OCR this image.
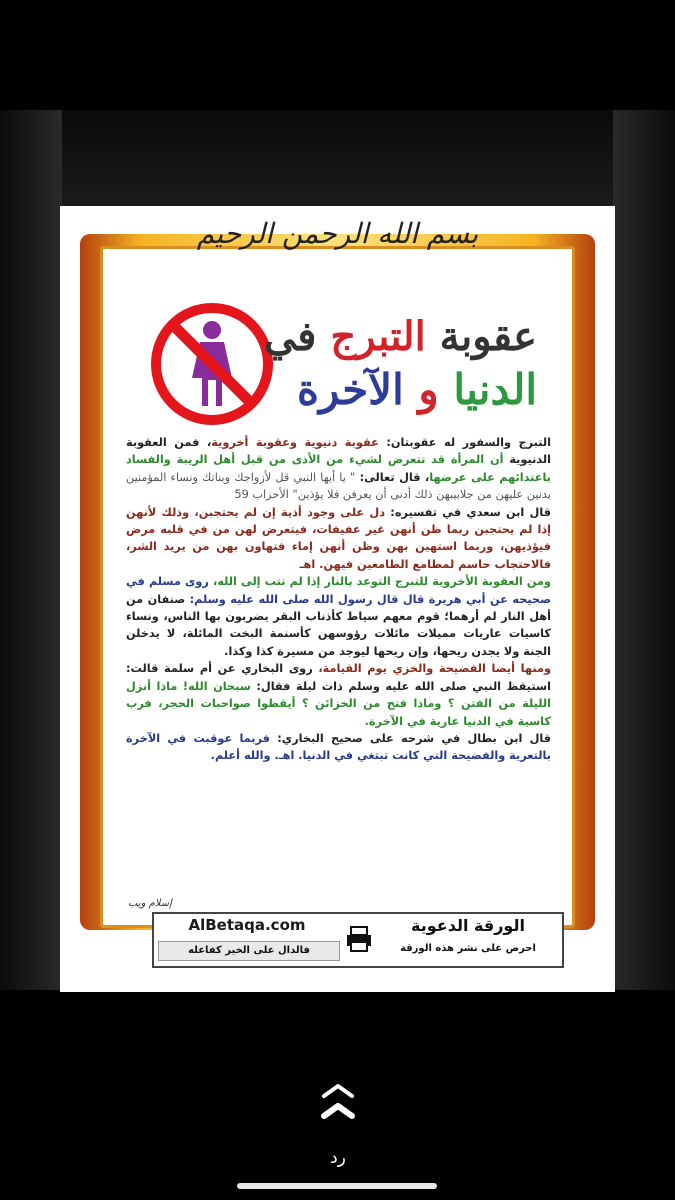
بسم الله الرحمن الرحيم
عقوبة التبرج في
الدنيا و الآخرة

التبرج والسفور له عقوبتان: عقوبة دنيوية وعقوبة أخروية، فمن العقوبة الدنيوية أن المرأة قد تتعرض لشيء من الأذى من قبل أهل الريبة والفساد باعتدائهم على عرضها، قال تعالى: " يا أيها النبي قل لأزواجك وبناتك ونساء المؤمنين يدنين عليهن من جلابيبهن ذلك أدنى أن يعرفن فلا يؤذين" الأحزاب 59

قال ابن سعدي في تفسيره: دل على وجود أذية إن لم يحتجبن، وذلك لأنهن إذا لم يحتجبن ربما ظن أنهن غير عفيفات، فيتعرض لهن من في قلبه مرض فيؤذيهن، وربما استهين بهن وظن أنهن إماء فتهاون بهن من يريد الشر، فالاحتجاب حاسم لمطامع الطامعين فيهن. اهـ

ومن العقوبة الأخروية للتبرج التوعد بالنار إذا لم تتب إلى الله، روى مسلم في صحيحه عن أبي هريرة قال قال رسول الله صلى الله عليه وسلم: صنفان من أهل النار لم أرهما؛ قوم معهم سياط كأذناب البقر يضربون بها الناس، ونساء كاسيات عاريات مميلات مائلات رؤوسهن كأسنمة البخت المائلة، لا يدخلن الجنة ولا يجدن ريحها، وإن ريحها ليوجد من مسيرة كذا وكذا.

ومنها أيضا الفضيحة والخزي يوم القيامة، روى البخاري عن أم سلمة قالت: استيقظ النبي صلى الله عليه وسلم ذات ليلة فقال: سبحان الله! ماذا أنزل الليلة من الفتن ؟ وماذا فتح من الخزائن ؟ أيقظوا صواحبات الحجر، فرب كاسية في الدنيا عارية في الآخرة.

قال ابن بطال في شرحه على صحيح البخاري: فربما عوقبت في الآخرة بالتعرية والفضيحة التي كانت تبتغي في الدنيا. اهـ. والله أعلم.

إسلام ويب
AlBetaqa.com
فالدال على الخير كفاعله
الورقة الدعوية
احرص على نشر هذه الورقة
رد
